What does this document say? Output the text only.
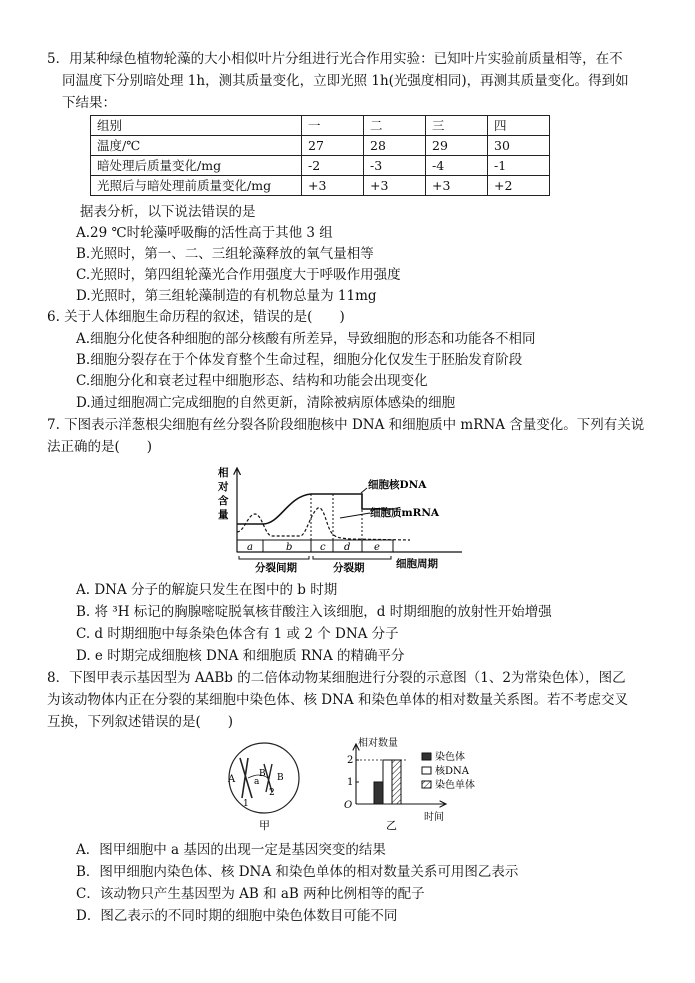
5．用某种绿色植物轮藻的大小相似叶片分组进行光合作用实验：已知叶片实验前质量相等，在不
同温度下分别暗处理 1h，测其质量变化，立即光照 1h(光强度相同)，再测其质量变化。得到如
下结果：
组别	一	二	三	四
温度/℃	27	28	29	30
暗处理后质量变化/mg	-2	-3	-4	-1
光照后与暗处理前质量变化/mg	+3	+3	+3	+2
据表分析，以下说法错误的是
A.29 ℃时轮藻呼吸酶的活性高于其他 3 组
B.光照时，第一、二、三组轮藻释放的氧气量相等
C.光照时，第四组轮藻光合作用强度大于呼吸作用强度
D.光照时，第三组轮藻制造的有机物总量为 11mg
6. 关于人体细胞生命历程的叙述，错误的是(　　)
A.细胞分化使各种细胞的部分核酸有所差异，导致细胞的形态和功能各不相同
B.细胞分裂存在于个体发育整个生命过程，细胞分化仅发生于胚胎发育阶段
C.细胞分化和衰老过程中细胞形态、结构和功能会出现变化
D.通过细胞凋亡完成细胞的自然更新，清除被病原体感染的细胞
7. 下图表示洋葱根尖细胞有丝分裂各阶段细胞核中 DNA 和细胞质中 mRNA 含量变化。下列有关说
法正确的是(　　)
相
对
含
量
a	b	c d e
细胞核DNA
细胞质mRNA
分裂间期	分裂期	细胞周期
A. DNA 分子的解旋只发生在图中的 b 时期
B. 将 ³H 标记的胸腺嘧啶脱氧核苷酸注入该细胞，d 时期细胞的放射性开始增强
C. d 时期细胞中每条染色体含有 1 或 2 个 DNA 分子
D. e 时期完成细胞核 DNA 和细胞质 RNA 的精确平分
8．下图甲表示基因型为 AABb 的二倍体动物某细胞进行分裂的示意图（1、2为常染色体），图乙
为该动物体内正在分裂的某细胞中染色体、核 DNA 和染色单体的相对数量关系图。若不考虑交叉
互换，下列叙述错误的是(　　)
A a
B B
1
2
甲
相对数量
O
1
2	染色体
核DNA
染色单体
时间
乙
A．图甲细胞中 a 基因的出现一定是基因突变的结果
B．图甲细胞内染色体、核 DNA 和染色单体的相对数量关系可用图乙表示
C．该动物只产生基因型为 AB 和 aB 两种比例相等的配子
D．图乙表示的不同时期的细胞中染色体数目可能不同
